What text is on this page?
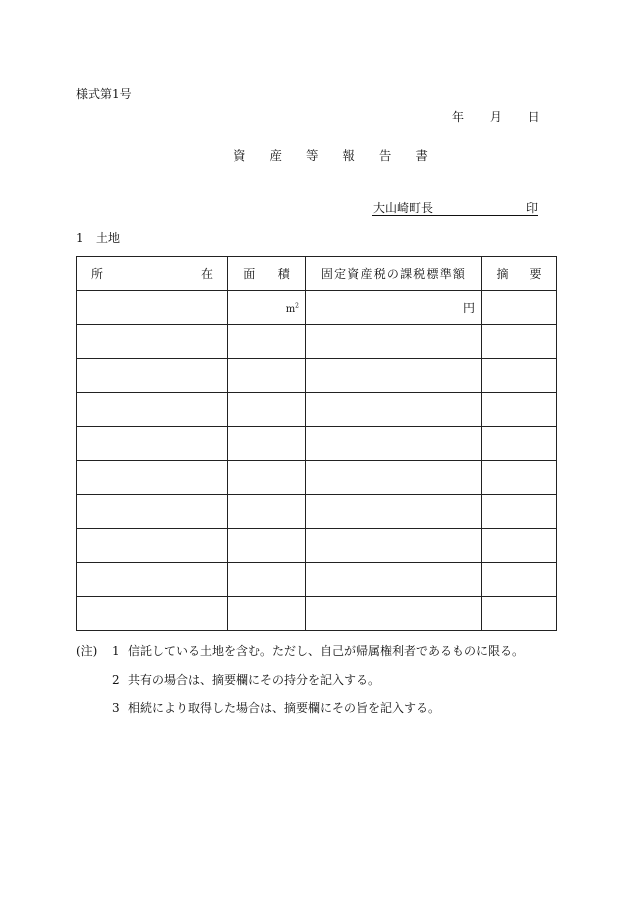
様式第1号
年 月 日
資 産 等 報 告 書
大山崎町長	印
1 土地
所 在	面 積	固定資産税の課税標準額	摘 要

	$m^2$	円	

(注) 1 信託している土地を含む。ただし、自己が帰属権利者であるものに限る。
2 共有の場合は、摘要欄にその持分を記入する。
3 相続により取得した場合は、摘要欄にその旨を記入する。
